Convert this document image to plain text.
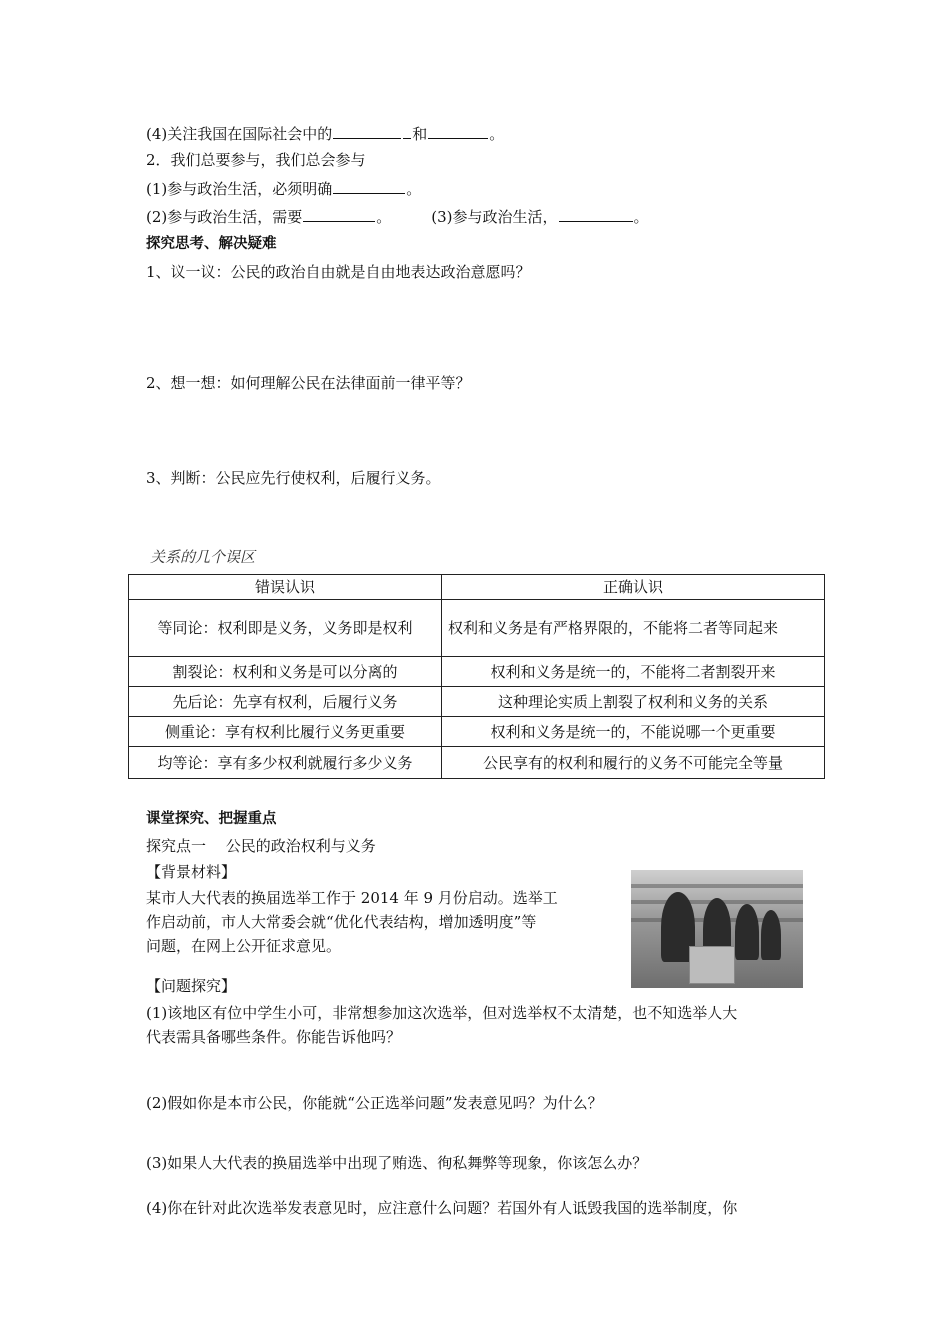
(4)关注我国在国际社会中的	和	。
2．我们总要参与，我们总会参与
(1)参与政治生活，必须明确	。
(2)参与政治生活，需要	。	(3)参与政治生活，	。
探究思考、解决疑难
1、议一议：公民的政治自由就是自由地表达政治意愿吗？
2、想一想：如何理解公民在法律面前一律平等？
3、判断：公民应先行使权利，后履行义务。
关系的几个误区
错误认识	正确认识
等同论：权利即是义务，义务即是权利	权利和义务是有严格界限的，不能将二者等同起来
割裂论：权利和义务是可以分离的	权利和义务是统一的，不能将二者割裂开来
先后论：先享有权利，后履行义务	这种理论实质上割裂了权利和义务的关系
侧重论：享有权利比履行义务更重要	权利和义务是统一的，不能说哪一个更重要
均等论：享有多少权利就履行多少义务	公民享有的权利和履行的义务不可能完全等量
课堂探究、把握重点
探究点一　 公民的政治权利与义务
【背景材料】
某市人大代表的换届选举工作于 2014 年 9 月份启动。选举工
作启动前，市人大常委会就“优化代表结构，增加透明度”等
问题，在网上公开征求意见。
【问题探究】
(1)该地区有位中学生小可，非常想参加这次选举，但对选举权不太清楚，也不知选举人大
代表需具备哪些条件。你能告诉他吗？
(2)假如你是本市公民，你能就“公正选举问题”发表意见吗？为什么？
(3)如果人大代表的换届选举中出现了贿选、徇私舞弊等现象，你该怎么办？
(4)你在针对此次选举发表意见时，应注意什么问题？若国外有人诋毁我国的选举制度，你
